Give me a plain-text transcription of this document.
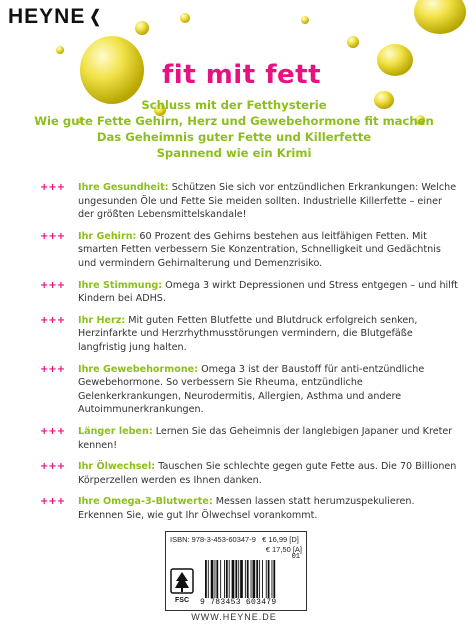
HEYNE ❮
fit mit fett
Schluss mit der Fetthysterie
Wie gute Fette Gehirn, Herz und Gewebehormone fit machen
Das Geheimnis guter Fette und Killerfette
Spannend wie ein Krimi
+++	Ihre Gesundheit: Schützen Sie sich vor entzündlichen Erkrankungen: Welche ungesunden Öle und Fette Sie meiden sollten. Industrielle Killerfette – einer der größten Lebensmittelskandale!

+++	Ihr Gehirn: 60 Prozent des Gehirns bestehen aus leitfähigen Fetten. Mit smarten Fetten verbessern Sie Konzentration, Schnelligkeit und Gedächtnis und vermindern Gehirnalterung und Demenzrisiko.

+++	Ihre Stimmung: Omega 3 wirkt Depressionen und Stress entgegen – und hilft Kindern bei ADHS.

+++	Ihr Herz: Mit guten Fetten Blutfette und Blutdruck erfolgreich senken, Herzinfarkte und Herzrhythmusstörungen vermindern, die Blutgefäße langfristig jung halten.

+++	Ihre Gewebehormone: Omega 3 ist der Baustoff für anti-entzündliche Gewebehormone. So verbessern Sie Rheuma, entzündliche Gelenkerkrankungen, Neurodermitis, Allergien, Asthma und andere Autoimmunerkrankungen.

+++	Länger leben: Lernen Sie das Geheimnis der langlebigen Japaner und Kreter kennen!

+++	Ihr Ölwechsel: Tauschen Sie schlechte gegen gute Fette aus. Die 70 Billionen Körperzellen werden es Ihnen danken.

+++	Ihre Omega-3-Blutwerte: Messen lassen statt herumzuspekulieren. Erkennen Sie, wie gut Ihr Ölwechsel vorankommt.

ISBN: 978-3-453-60347-9 € 16,99 [D]
€ 17,50 [A]
FSC
01
9 783453 603479
WWW.HEYNE.DE
